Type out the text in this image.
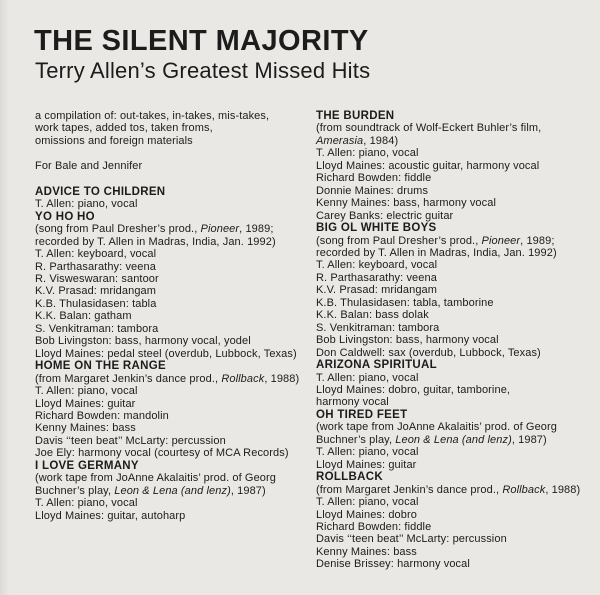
THE SILENT MAJORITY
Terry Allen’s Greatest Missed Hits
a compilation of: out-takes, in-takes, mis-takes,
work tapes, added tos, taken froms,
omissions and foreign materials
For Bale and Jennifer
ADVICE TO CHILDREN
T. Allen: piano, vocal
YO HO HO
(song from Paul Dresher’s prod., Pioneer, 1989;
recorded by T. Allen in Madras, India, Jan. 1992)
T. Allen: keyboard, vocal
R. Parthasarathy: veena
R. Visweswaran: santoor
K.V. Prasad: mridangam
K.B. Thulasidasen: tabla
K.K. Balan: gatham
S. Venkitraman: tambora
Bob Livingston: bass, harmony vocal, yodel
Lloyd Maines: pedal steel (overdub, Lubbock, Texas)
HOME ON THE RANGE
(from Margaret Jenkin’s dance prod., Rollback, 1988)
T. Allen: piano, vocal
Lloyd Maines: guitar
Richard Bowden: mandolin
Kenny Maines: bass
Davis ‘‘teen beat’’ McLarty: percussion
Joe Ely: harmony vocal (courtesy of MCA Records)
I LOVE GERMANY
(work tape from JoAnne Akalaitis’ prod. of Georg
Buchner’s play, Leon & Lena (and lenz), 1987)
T. Allen: piano, vocal
Lloyd Maines: guitar, autoharp
THE BURDEN
(from soundtrack of Wolf-Eckert Buhler’s film,
Amerasia, 1984)
T. Allen: piano, vocal
Lloyd Maines: acoustic guitar, harmony vocal
Richard Bowden: fiddle
Donnie Maines: drums
Kenny Maines: bass, harmony vocal
Carey Banks: electric guitar
BIG OL WHITE BOYS
(song from Paul Dresher’s prod., Pioneer, 1989;
recorded by T. Allen in Madras, India, Jan. 1992)
T. Allen: keyboard, vocal
R. Parthasarathy: veena
K.V. Prasad: mridangam
K.B. Thulasidasen: tabla, tamborine
K.K. Balan: bass dolak
S. Venkitraman: tambora
Bob Livingston: bass, harmony vocal
Don Caldwell: sax (overdub, Lubbock, Texas)
ARIZONA SPIRITUAL
T. Allen: piano, vocal
Lloyd Maines: dobro, guitar, tamborine,
harmony vocal
OH TIRED FEET
(work tape from JoAnne Akalaitis’ prod. of Georg
Buchner’s play, Leon & Lena (and lenz), 1987)
T. Allen: piano, vocal
Lloyd Maines: guitar
ROLLBACK
(from Margaret Jenkin’s dance prod., Rollback, 1988)
T. Allen: piano, vocal
Lloyd Maines: dobro
Richard Bowden: fiddle
Davis ‘‘teen beat’’ McLarty: percussion
Kenny Maines: bass
Denise Brissey: harmony vocal
